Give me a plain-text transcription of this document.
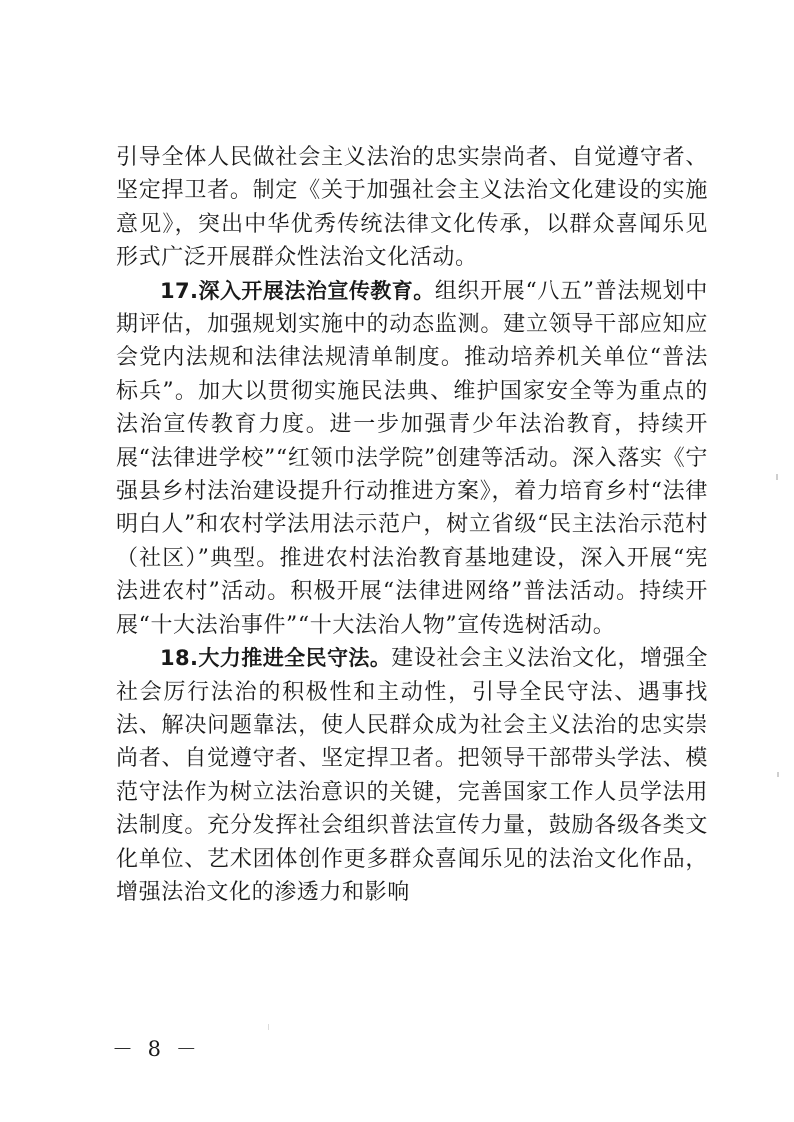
引导全体人民做社会主义法治的忠实崇尚者、自觉遵守者、坚定捍卫者。制定《关于加强社会主义法治文化建设的实施意见》，突出中华优秀传统法律文化传承，以群众喜闻乐见形式广泛开展群众性法治文化活动。

17.深入开展法治宣传教育。组织开展“八五”普法规划中期评估，加强规划实施中的动态监测。建立领导干部应知应会党内法规和法律法规清单制度。推动培养机关单位“普法标兵”。加大以贯彻实施民法典、维护国家安全等为重点的法治宣传教育力度。进一步加强青少年法治教育，持续开展“法律进学校”“红领巾法学院”创建等活动。深入落实《宁强县乡村法治建设提升行动推进方案》，着力培育乡村“法律明白人”和农村学法用法示范户，树立省级“民主法治示范村（社区）”典型。推进农村法治教育基地建设，深入开展“宪法进农村”活动。积极开展“法律进网络”普法活动。持续开展“十大法治事件”“十大法治人物”宣传选树活动。

18.大力推进全民守法。建设社会主义法治文化，增强全社会厉行法治的积极性和主动性，引导全民守法、遇事找法、解决问题靠法，使人民群众成为社会主义法治的忠实崇尚者、自觉遵守者、坚定捍卫者。把领导干部带头学法、模范守法作为树立法治意识的关键，完善国家工作人员学法用法制度。充分发挥社会组织普法宣传力量，鼓励各级各类文化单位、艺术团体创作更多群众喜闻乐见的法治文化作品，增强法治文化的渗透力和影响

－ 8 －
